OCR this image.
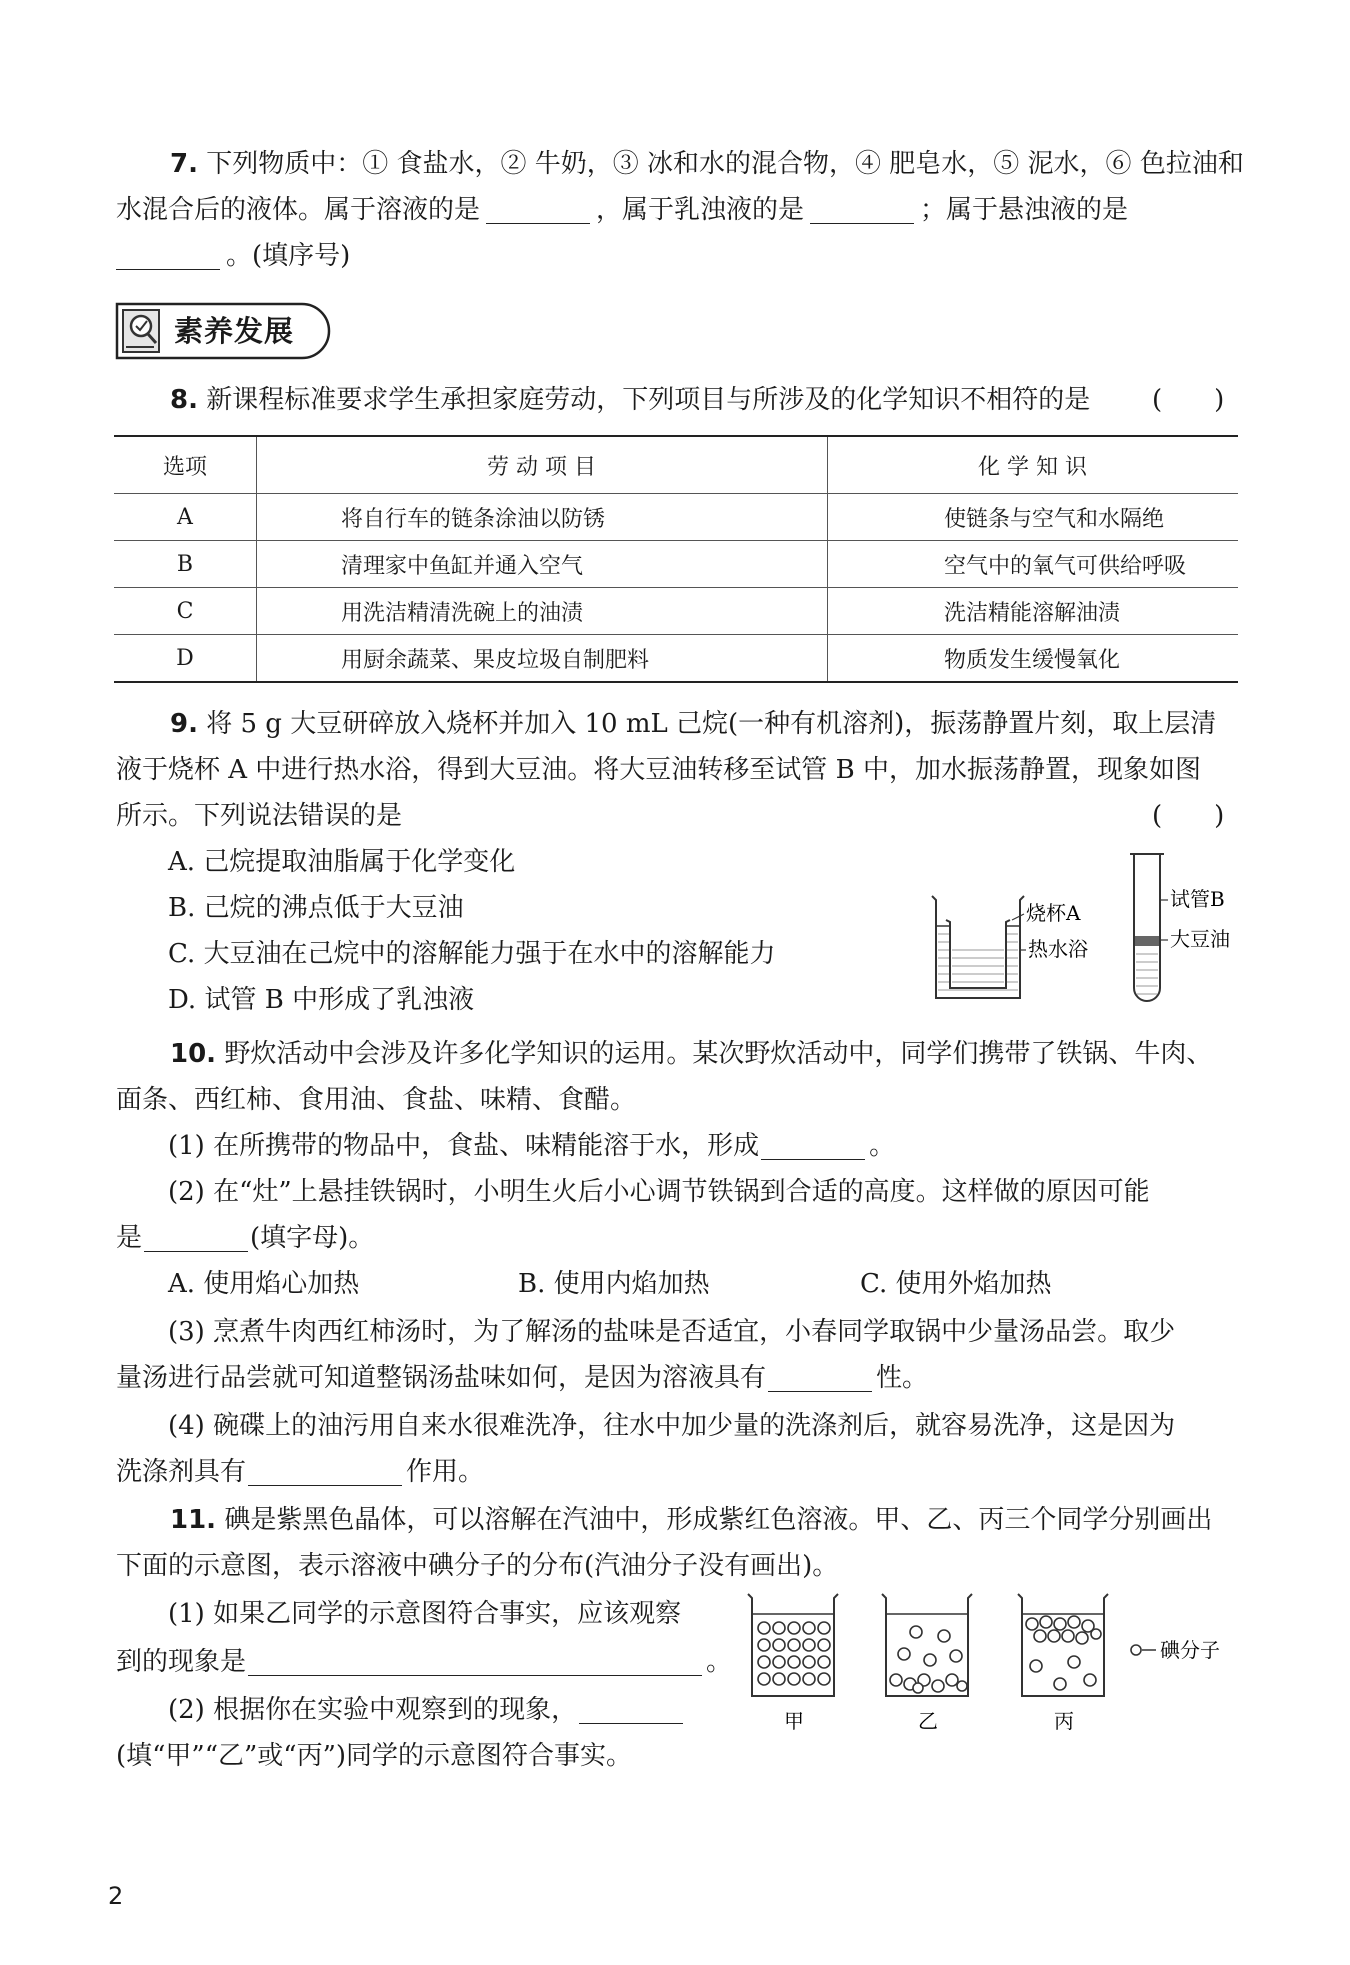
7. 下列物质中：① 食盐水，② 牛奶，③ 冰和水的混合物，④ 肥皂水，⑤ 泥水，⑥ 色拉油和
水混合后的液体。属于溶液的是	，属于乳浊液的是	；属于悬浊液的是
。(填序号)
素养发展
8. 新课程标准要求学生承担家庭劳动，下列项目与所涉及的化学知识不相符的是 (　　)
选项	劳 动 项 目	化 学 知 识
A	将自行车的链条涂油以防锈	使链条与空气和水隔绝
B	清理家中鱼缸并通入空气	空气中的氧气可供给呼吸
C	用洗洁精清洗碗上的油渍	洗洁精能溶解油渍
D	用厨余蔬菜、果皮垃圾自制肥料	物质发生缓慢氧化
9. 将 5 g 大豆研碎放入烧杯并加入 10 mL 己烷(一种有机溶剂)，振荡静置片刻，取上层清
液于烧杯 A 中进行热水浴，得到大豆油。将大豆油转移至试管 B 中，加水振荡静置，现象如图
所示。下列说法错误的是	(　　)
A. 己烷提取油脂属于化学变化
B. 己烷的沸点低于大豆油
C. 大豆油在己烷中的溶解能力强于在水中的溶解能力
D. 试管 B 中形成了乳浊液
烧杯A
热水浴
试管B
大豆油
10. 野炊活动中会涉及许多化学知识的运用。某次野炊活动中，同学们携带了铁锅、牛肉、
面条、西红柿、食用油、食盐、味精、食醋。
(1) 在所携带的物品中，食盐、味精能溶于水，形成	。
(2) 在“灶”上悬挂铁锅时，小明生火后小心调节铁锅到合适的高度。这样做的原因可能
是	(填字母)。
A. 使用焰心加热	B. 使用内焰加热	C. 使用外焰加热
(3) 烹煮牛肉西红柿汤时，为了解汤的盐味是否适宜，小春同学取锅中少量汤品尝。取少
量汤进行品尝就可知道整锅汤盐味如何，是因为溶液具有	性。
(4) 碗碟上的油污用自来水很难洗净，往水中加少量的洗涤剂后，就容易洗净，这是因为
洗涤剂具有	作用。
11. 碘是紫黑色晶体，可以溶解在汽油中，形成紫红色溶液。甲、乙、丙三个同学分别画出
下面的示意图，表示溶液中碘分子的分布(汽油分子没有画出)。
(1) 如果乙同学的示意图符合事实，应该观察
到的现象是	。
(2) 根据你在实验中观察到的现象，
(填“甲”“乙”或“丙”)同学的示意图符合事实。
甲	乙	丙
碘分子
2
